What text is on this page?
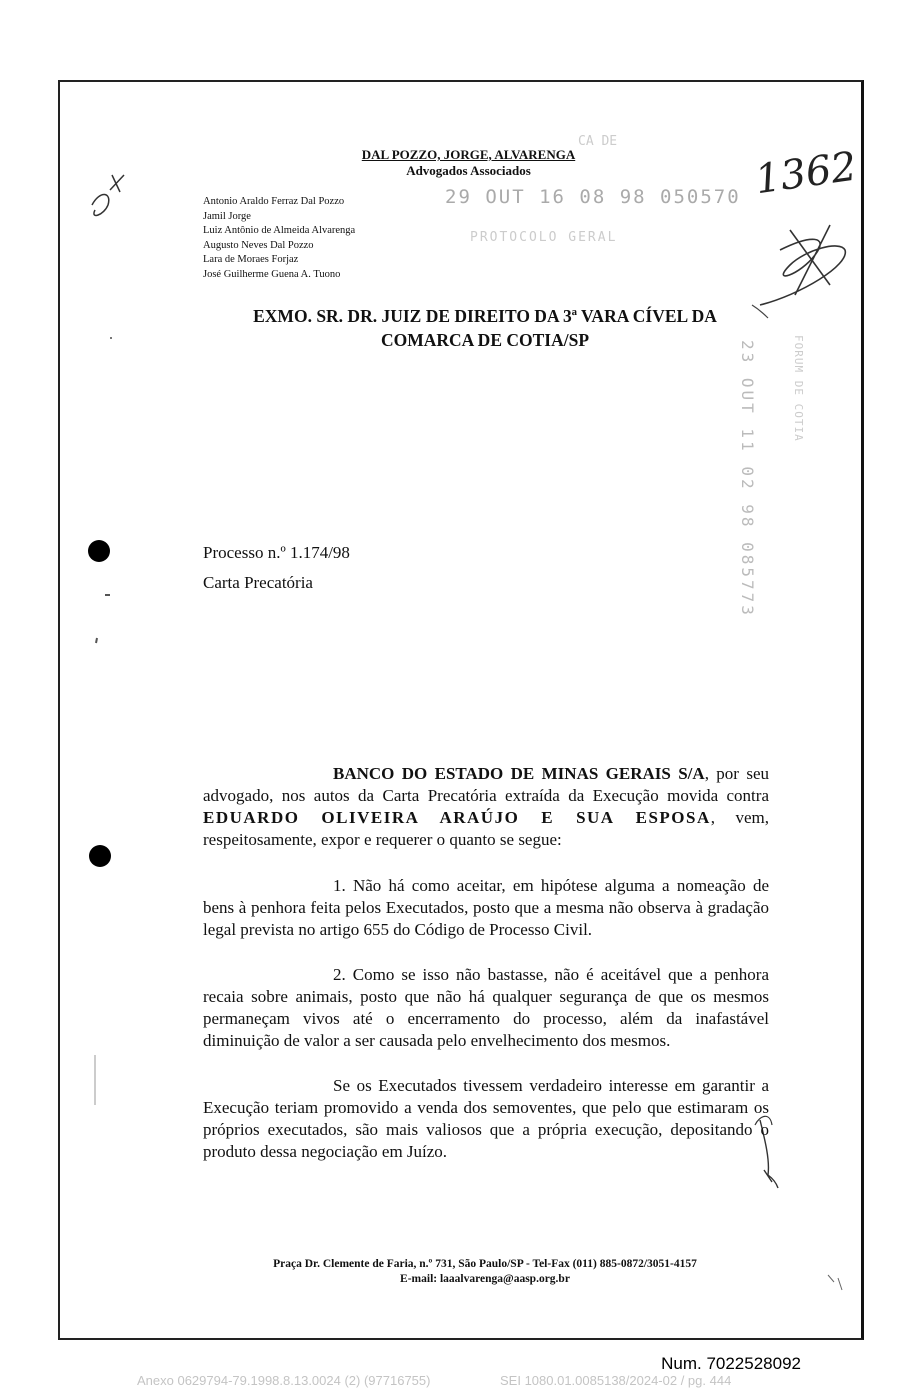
CA DE
29 OUT 16 08 98 050570
PROTOCOLO GERAL
23 OUT 11 02 98 085773	FORUM DE COTIA
DAL POZZO, JORGE, ALVARENGA
Advogados Associados
Antonio Araldo Ferraz Dal Pozzo
Jamil Jorge
Luiz Antônio de Almeida Alvarenga
Augusto Neves Dal Pozzo
Lara de Moraes Forjaz
José Guilherme Guena A. Tuono
1362
EXMO. SR. DR. JUIZ DE DIREITO DA 3ª VARA CÍVEL DA
COMARCA DE COTIA/SP
Processo n.º 1.174/98
Carta Precatória
BANCO DO ESTADO DE MINAS GERAIS S/A, por seu advogado, nos autos da Carta Precatória extraída da Execução movida contra EDUARDO OLIVEIRA ARAÚJO E SUA ESPOSA, vem, respeitosamente, expor e requerer o quanto se segue:
1. Não há como aceitar, em hipótese alguma a nomeação de bens à penhora feita pelos Executados, posto que a mesma não observa à gradação legal prevista no artigo 655 do Código de Processo Civil.
2. Como se isso não bastasse, não é aceitável que a penhora recaia sobre animais, posto que não há qualquer segurança de que os mesmos permaneçam vivos até o encerramento do processo, além da inafastável diminuição de valor a ser causada pelo envelhecimento dos mesmos.
Se os Executados tivessem verdadeiro interesse em garantir a Execução teriam promovido a venda dos semoventes, que pelo que estimaram os próprios executados, são mais valiosos que a própria execução, depositando o produto dessa negociação em Juízo.
Praça Dr. Clemente de Faria, n.º 731, São Paulo/SP - Tel-Fax (011) 885-0872/3051-4157
E-mail: laaalvarenga@aasp.org.br
Num. 7022528092
Anexo 0629794-79.1998.8.13.0024 (2) (97716755)	SEI 1080.01.0085138/2024-02 / pg. 444
